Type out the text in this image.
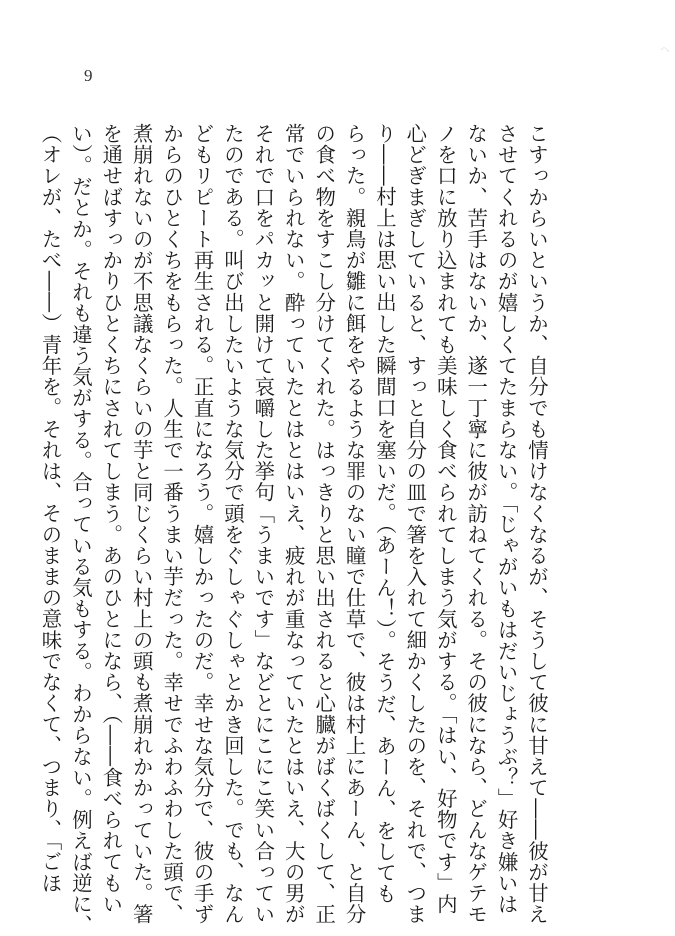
9
ヘ
こすっからいというか、自分でも情けなくなるが、そうして彼に甘えて――彼が甘え
させてくれるのが嬉しくてたまらない。「じゃがいもはだいじょうぶ？」好き嫌いは
ないか、苦手はないか、遂一丁寧に彼が訪ねてくれる。その彼になら、どんなゲテモ
ノを口に放り込まれても美味しく食べられてしまう気がする。「はい、好物です」内
心どぎまぎしていると、すっと自分の皿で箸を入れて細かくしたのを、それで、つま
り――村上は思い出した瞬間口を塞いだ。（あーん！）。そうだ、あーん、をしても
らった。親鳥が雛に餌をやるような罪のない瞳で仕草で、彼は村上にあーん、と自分
の食べ物をすこし分けてくれた。はっきりと思い出されると心臓がばくばくして、正
常でいられない。酔っていたとはとはいえ、疲れが重なっていたとはいえ、大の男が
それで口をパカッと開けて哀嚼した挙句「うまいです」などとにこにこ笑い合ってい
たのである。叫び出したいような気分で頭をぐしゃぐしゃとかき回した。でも、なん
どもリピート再生される。正直になろう。嬉しかったのだ。幸せな気分で、彼の手ず
からのひとくちをもらった。人生で一番うまい芋だった。幸せでふわふわした頭で、
煮崩れないのが不思議なくらいの芋と同じくらい村上の頭も煮崩れかかっていた。箸
を通せばすっかりひとくちにされてしまう。あのひとになら、（――食べられてもい
い）。だとか。それも違う気がする。合っている気もする。わからない。例えば逆に、
（オレが、たべ――）青年を。それは、そのままの意味でなくて、つまり、「ごほ
